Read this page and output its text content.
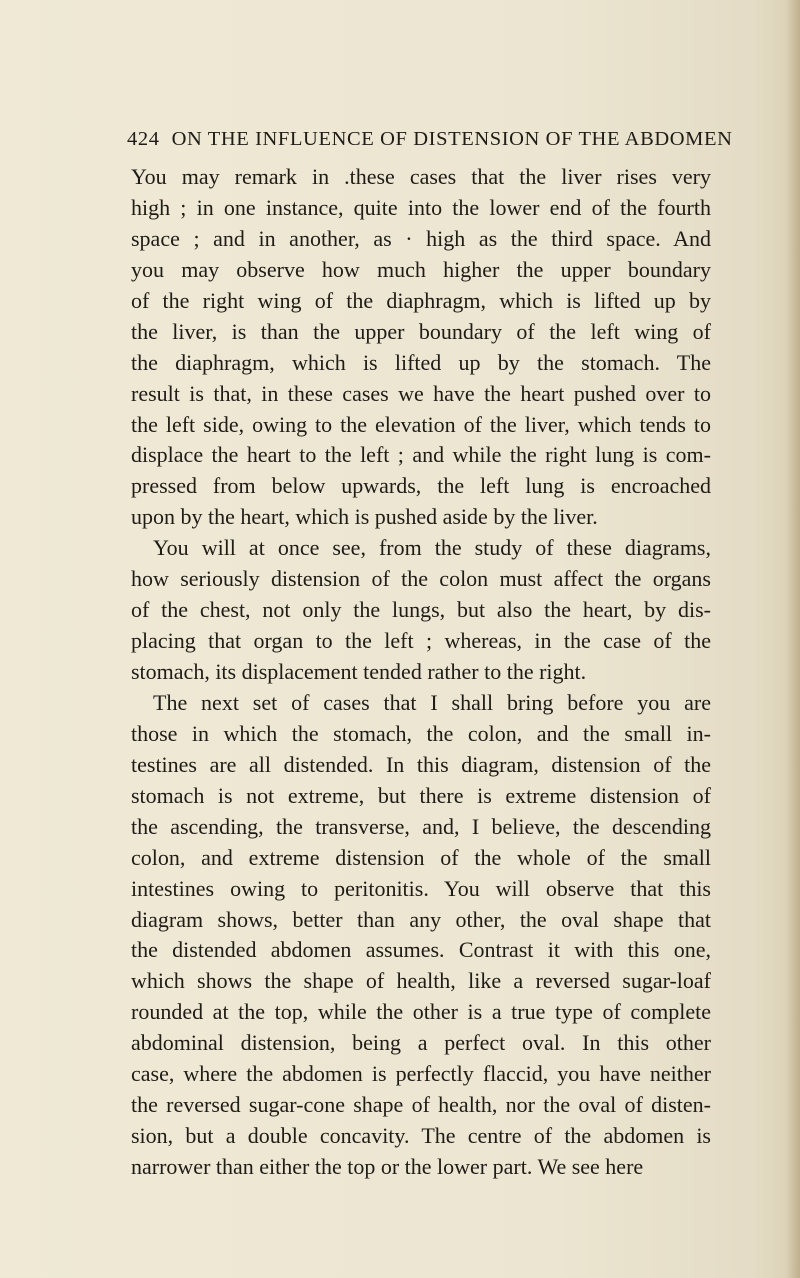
424 ON THE INFLUENCE OF DISTENSION OF THE ABDOMEN
You may remark in .these cases that the liver rises very
high ; in one instance, quite into the lower end of the fourth
space ; and in another, as · high as the third space. And
you may observe how much higher the upper boundary
of the right wing of the diaphragm, which is lifted up by
the liver, is than the upper boundary of the left wing of
the diaphragm, which is lifted up by the stomach. The
result is that, in these cases we have the heart pushed over to
the left side, owing to the elevation of the liver, which tends to
displace the heart to the left ; and while the right lung is com-
pressed from below upwards, the left lung is encroached
upon by the heart, which is pushed aside by the liver.
You will at once see, from the study of these diagrams,
how seriously distension of the colon must affect the organs
of the chest, not only the lungs, but also the heart, by dis-
placing that organ to the left ; whereas, in the case of the
stomach, its displacement tended rather to the right.
The next set of cases that I shall bring before you are
those in which the stomach, the colon, and the small in-
testines are all distended. In this diagram, distension of the
stomach is not extreme, but there is extreme distension of
the ascending, the transverse, and, I believe, the descending
colon, and extreme distension of the whole of the small
intestines owing to peritonitis. You will observe that this
diagram shows, better than any other, the oval shape that
the distended abdomen assumes. Contrast it with this one,
which shows the shape of health, like a reversed sugar-loaf
rounded at the top, while the other is a true type of complete
abdominal distension, being a perfect oval. In this other
case, where the abdomen is perfectly flaccid, you have neither
the reversed sugar-cone shape of health, nor the oval of disten-
sion, but a double concavity. The centre of the abdomen is
narrower than either the top or the lower part. We see here
